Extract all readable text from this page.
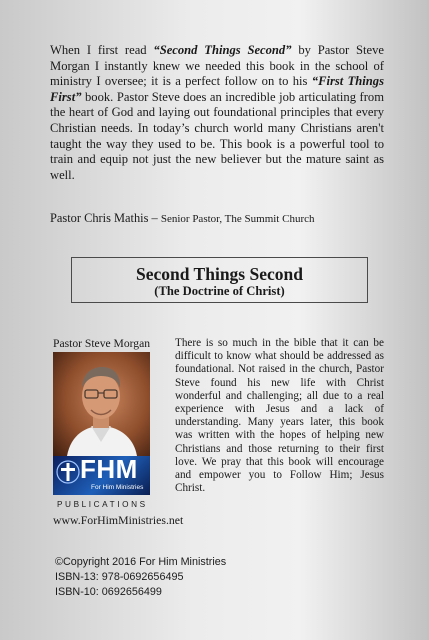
When I first read “Second Things Second” by Pastor Steve Morgan I instantly knew we needed this book in the school of ministry I oversee; it is a perfect follow on to his “First Things First” book. Pastor Steve does an incredible job articulating from the heart of God and laying out foundational principles that every Christian needs. In today’s church world many Christians aren't taught the way they used to be. This book is a powerful tool to train and equip not just the new believer but the mature saint as well.
Pastor Chris Mathis – Senior Pastor, The Summit Church
Second Things Second
(The Doctrine of Christ)
Pastor Steve Morgan
FHM
For Him Ministries
PUBLICATIONS
www.ForHimMinistries.net
There is so much in the bible that it can be difficult to know what should be addressed as foundational. Not raised in the church, Pastor Steve found his new life with Christ wonderful and challenging; all due to a real experience with Jesus and a lack of understanding. Many years later, this book was written with the hopes of helping new Christians and those returning to their first love. We pray that this book will encourage and empower you to Follow Him; Jesus Christ.
©Copyright 2016 For Him Ministries
ISBN-13: 978-0692656495
ISBN-10: 0692656499
